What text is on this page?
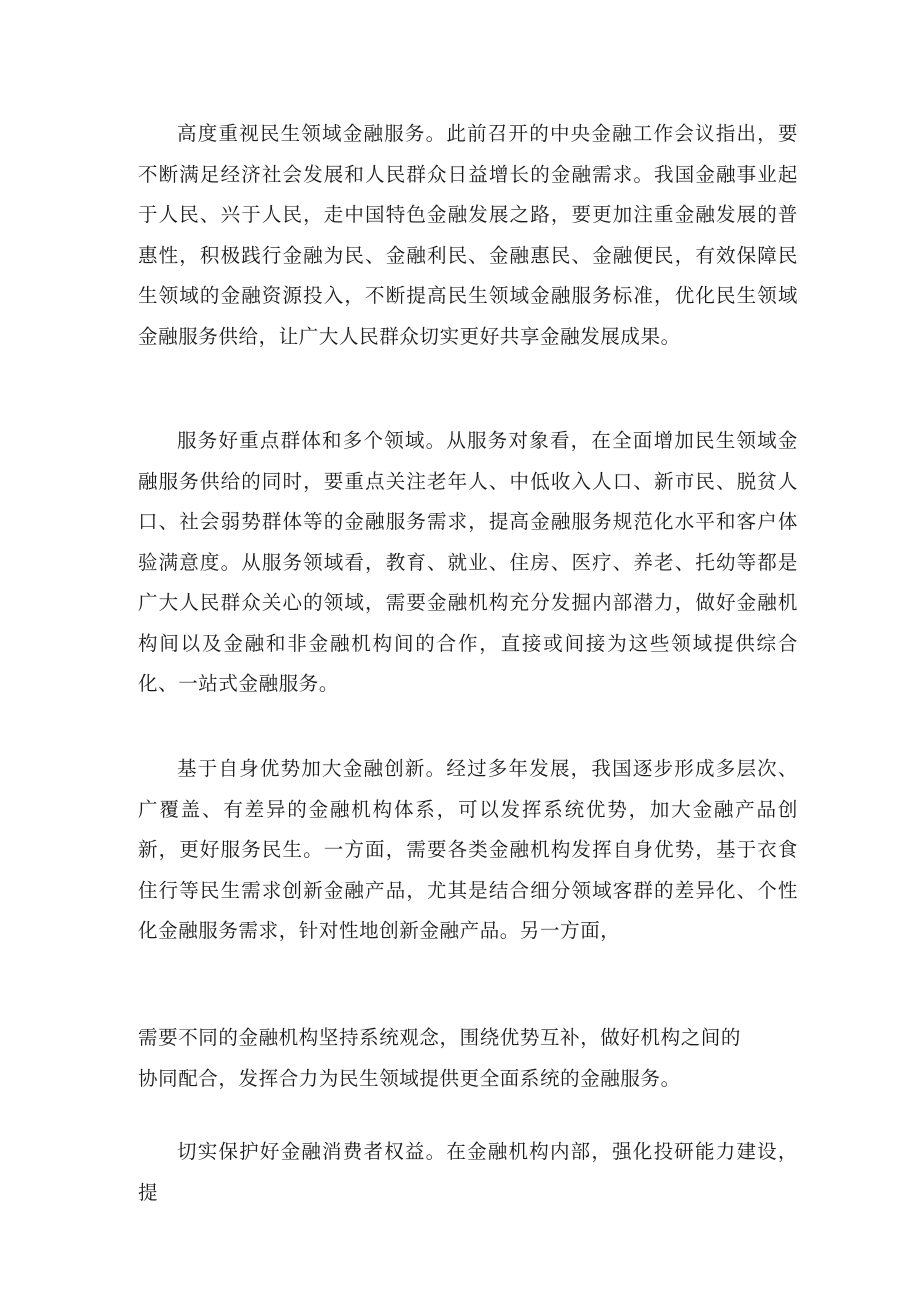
高度重视民生领域金融服务。此前召开的中央金融工作会议指出，要不断满足经济社会发展和人民群众日益增长的金融需求。我国金融事业起于人民、兴于人民，走中国特色金融发展之路，要更加注重金融发展的普惠性，积极践行金融为民、金融利民、金融惠民、金融便民，有效保障民生领域的金融资源投入，不断提高民生领域金融服务标准，优化民生领域金融服务供给，让广大人民群众切实更好共享金融发展成果。

服务好重点群体和多个领域。从服务对象看，在全面增加民生领域金融服务供给的同时，要重点关注老年人、中低收入人口、新市民、脱贫人口、社会弱势群体等的金融服务需求，提高金融服务规范化水平和客户体验满意度。从服务领域看，教育、就业、住房、医疗、养老、托幼等都是广大人民群众关心的领域，需要金融机构充分发掘内部潜力，做好金融机构间以及金融和非金融机构间的合作，直接或间接为这些领域提供综合化、一站式金融服务。

基于自身优势加大金融创新。经过多年发展，我国逐步形成多层次、广覆盖、有差异的金融机构体系，可以发挥系统优势，加大金融产品创新，更好服务民生。一方面，需要各类金融机构发挥自身优势，基于衣食住行等民生需求创新金融产品，尤其是结合细分领域客群的差异化、个性化金融服务需求，针对性地创新金融产品。另一方面，

需要不同的金融机构坚持系统观念，围绕优势互补，做好机构之间的

协同配合，发挥合力为民生领域提供更全面系统的金融服务。

切实保护好金融消费者权益。在金融机构内部，强化投研能力建设，提
